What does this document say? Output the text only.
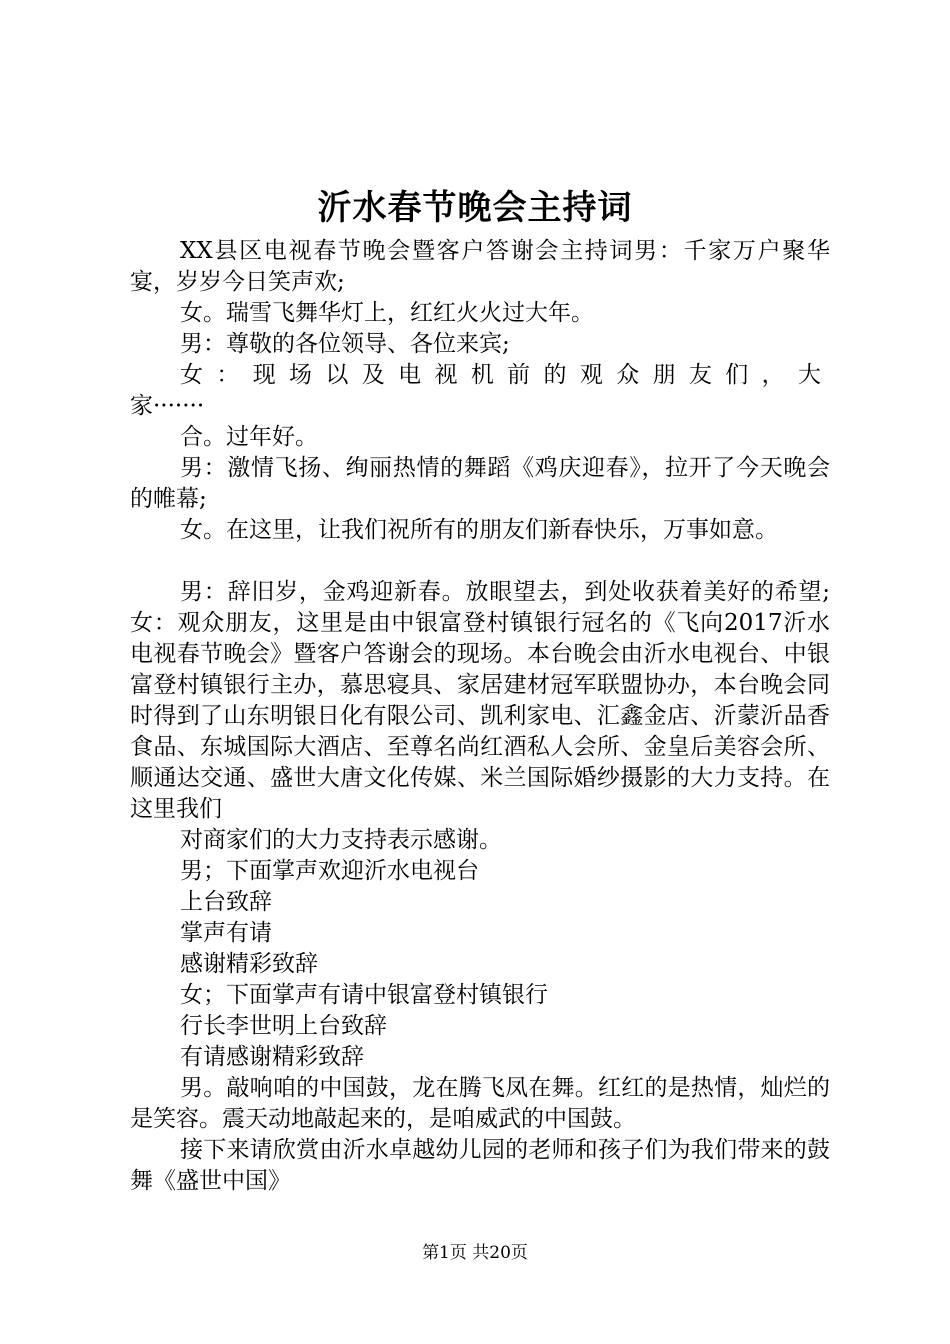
沂水春节晚会主持词

XX县区电视春节晚会暨客户答谢会主持词男：千家万户聚华宴，岁岁今日笑声欢;

女。瑞雪飞舞华灯上，红红火火过大年。

男：尊敬的各位领导、各位来宾;

女：现场以及电视机前的观众朋友们，大

家·······

合。过年好。

男：激情飞扬、绚丽热情的舞蹈《鸡庆迎春》，拉开了今天晚会的帷幕;

女。在这里，让我们祝所有的朋友们新春快乐，万事如意。

男：辞旧岁，金鸡迎新春。放眼望去，到处收获着美好的希望;女：观众朋友，这里是由中银富登村镇银行冠名的《飞向2017沂水电视春节晚会》暨客户答谢会的现场。本台晚会由沂水电视台、中银富登村镇银行主办，慕思寝具、家居建材冠军联盟协办，本台晚会同时得到了山东明银日化有限公司、凯利家电、汇鑫金店、沂蒙沂品香食品、东城国际大酒店、至尊名尚红酒私人会所、金皇后美容会所、顺通达交通、盛世大唐文化传媒、米兰国际婚纱摄影的大力支持。在这里我们

对商家们的大力支持表示感谢。

男；下面掌声欢迎沂水电视台

上台致辞

掌声有请

感谢精彩致辞

女；下面掌声有请中银富登村镇银行

行长李世明上台致辞

有请感谢精彩致辞

男。敲响咱的中国鼓，龙在腾飞凤在舞。红红的是热情，灿烂的是笑容。震天动地敲起来的，是咱威武的中国鼓。

接下来请欣赏由沂水卓越幼儿园的老师和孩子们为我们带来的鼓舞《盛世中国》

第1页 共20页
